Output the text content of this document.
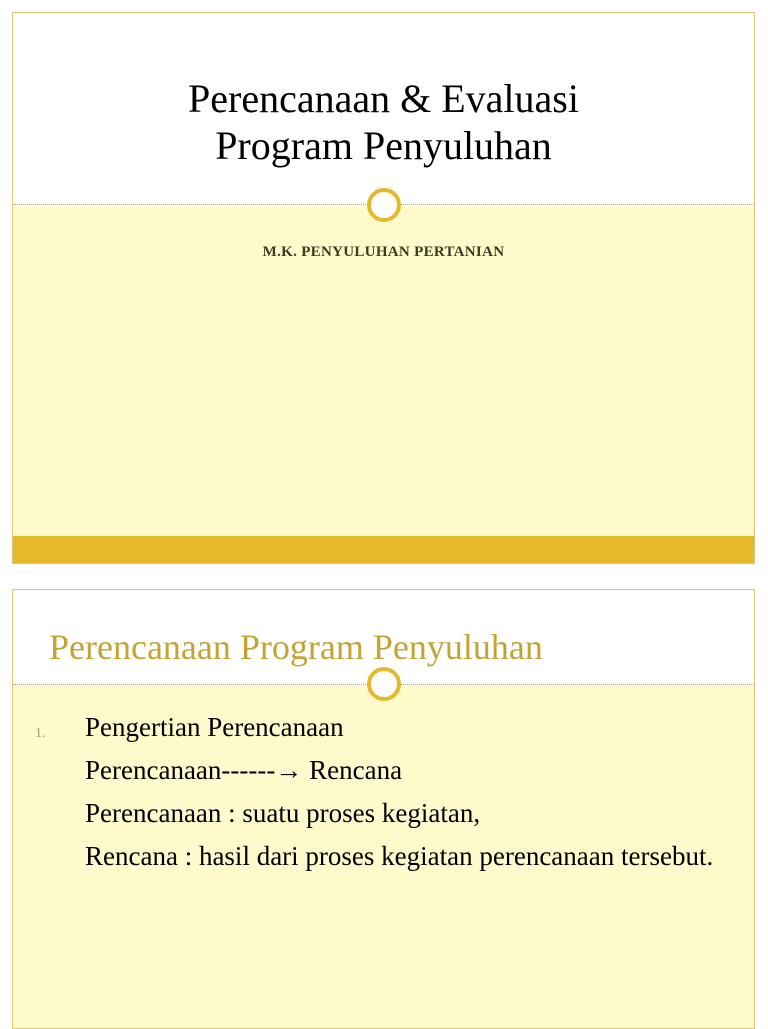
Perencanaan & Evaluasi
Program Penyuluhan
M.K. PENYULUHAN PERTANIAN
Perencanaan Program Penyuluhan
1. Pengertian Perencanaan
Perencanaan------→ Rencana
Perencanaan : suatu proses kegiatan,
Rencana : hasil dari proses kegiatan perencanaan tersebut.
